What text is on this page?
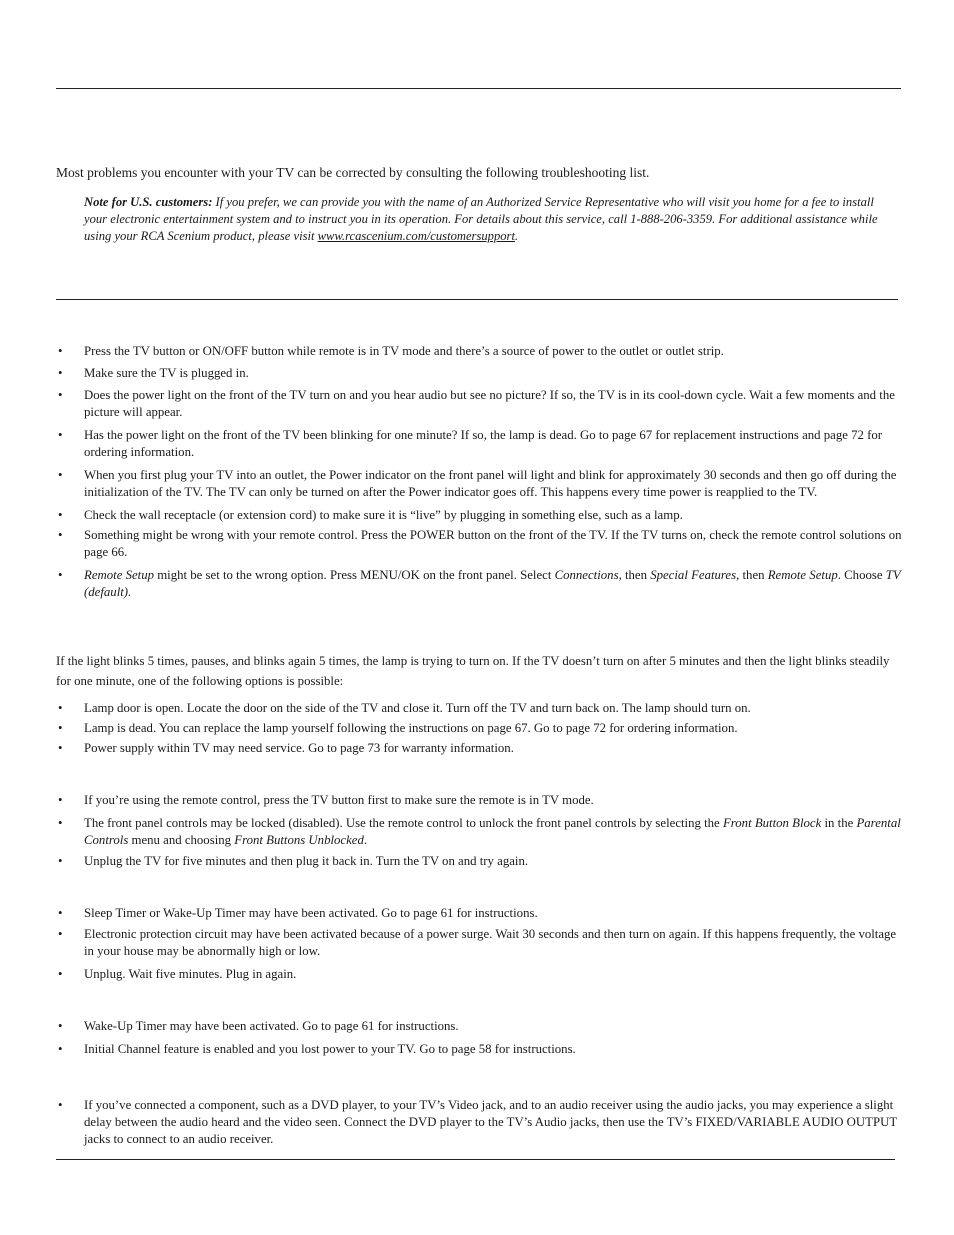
Most problems you encounter with your TV can be corrected by consulting the following troubleshooting list.
Note for U.S. customers: If you prefer, we can provide you with the name of an Authorized Service Representative who will visit you home for a fee to install your electronic entertainment system and to instruct you in its operation. For details about this service, call 1-888-206-3359. For additional assistance while using your RCA Scenium product, please visit www.rcascenium.com/customersupport.
• Press the TV button or ON/OFF button while remote is in TV mode and there’s a source of power to the outlet or outlet strip.
• Make sure the TV is plugged in.
• Does the power light on the front of the TV turn on and you hear audio but see no picture? If so, the TV is in its cool-down cycle. Wait a few moments and the picture will appear.
• Has the power light on the front of the TV been blinking for one minute? If so, the lamp is dead. Go to page 67 for replacement instructions and page 72 for ordering information.
• When you first plug your TV into an outlet, the Power indicator on the front panel will light and blink for approximately 30 seconds and then go off during the initialization of the TV. The TV can only be turned on after the Power indicator goes off. This happens every time power is reapplied to the TV.
• Check the wall receptacle (or extension cord) to make sure it is “live” by plugging in something else, such as a lamp.
• Something might be wrong with your remote control. Press the POWER button on the front of the TV. If the TV turns on, check the remote control solutions on page 66.
• Remote Setup might be set to the wrong option. Press MENU/OK on the front panel. Select Connections, then Special Features, then Remote Setup. Choose TV (default).
If the light blinks 5 times, pauses, and blinks again 5 times, the lamp is trying to turn on. If the TV doesn’t turn on after 5 minutes and then the light blinks steadily for one minute, one of the following options is possible:
• Lamp door is open. Locate the door on the side of the TV and close it. Turn off the TV and turn back on. The lamp should turn on.
• Lamp is dead. You can replace the lamp yourself following the instructions on page 67. Go to page 72 for ordering information.
• Power supply within TV may need service. Go to page 73 for warranty information.
• If you’re using the remote control, press the TV button first to make sure the remote is in TV mode.
• The front panel controls may be locked (disabled). Use the remote control to unlock the front panel controls by selecting the Front Button Block in the Parental Controls menu and choosing Front Buttons Unblocked.
• Unplug the TV for five minutes and then plug it back in. Turn the TV on and try again.
• Sleep Timer or Wake-Up Timer may have been activated. Go to page 61 for instructions.
• Electronic protection circuit may have been activated because of a power surge. Wait 30 seconds and then turn on again. If this happens frequently, the voltage in your house may be abnormally high or low.
• Unplug. Wait five minutes. Plug in again.
• Wake-Up Timer may have been activated. Go to page 61 for instructions.
• Initial Channel feature is enabled and you lost power to your TV. Go to page 58 for instructions.
• If you’ve connected a component, such as a DVD player, to your TV’s Video jack, and to an audio receiver using the audio jacks, you may experience a slight delay between the audio heard and the video seen. Connect the DVD player to the TV’s Audio jacks, then use the TV’s FIXED/VARIABLE AUDIO OUTPUT jacks to connect to an audio receiver.
